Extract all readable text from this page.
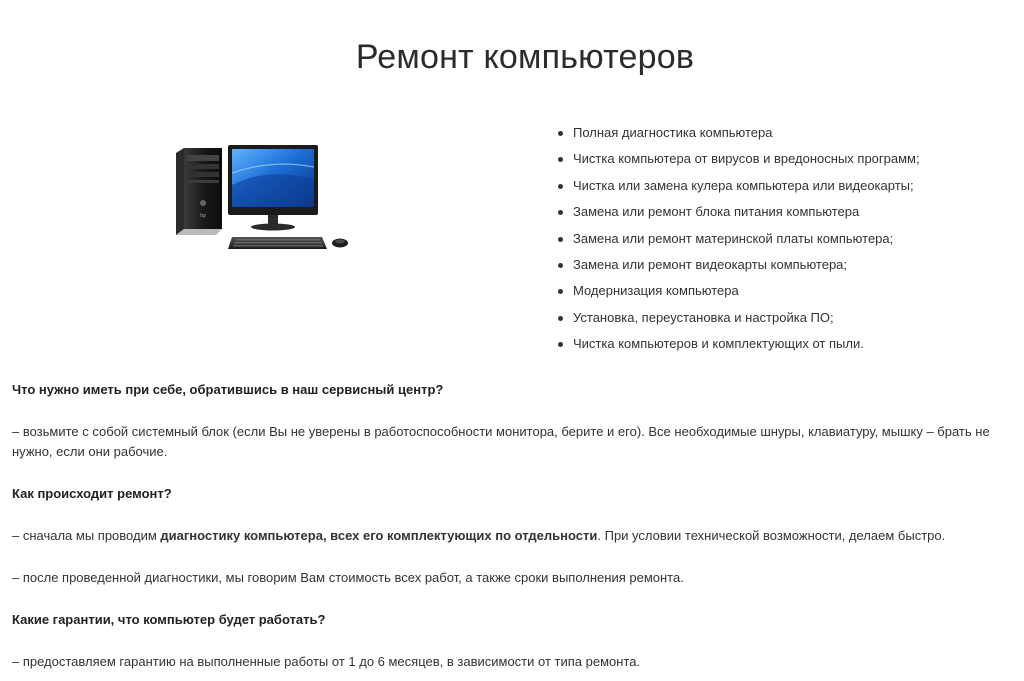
Ремонт компьютеров
hp
Полная диагностика компьютера
Чистка компьютера от вирусов и вредоносных программ;
Чистка или замена кулера компьютера или видеокарты;
Замена или ремонт блока питания компьютера
Замена или ремонт материнской платы компьютера;
Замена или ремонт видеокарты компьютера;
Модернизация компьютера
Установка, переустановка и настройка ПО;
Чистка компьютеров и комплектующих от пыли.

Что нужно иметь при себе, обратившись в наш сервисный центр?

– возьмите с собой системный блок (если Вы не уверены в работоспособности монитора, берите и его). Все необходимые шнуры, клавиатуру, мышку – брать не нужно, если они рабочие.

Как происходит ремонт?

– сначала мы проводим диагностику компьютера, всех его комплектующих по отдельности. При условии технической возможности, делаем быстро.

– после проведенной диагностики, мы говорим Вам стоимость всех работ, а также сроки выполнения ремонта.

Какие гарантии, что компьютер будет работать?

– предоставляем гарантию на выполненные работы от 1 до 6 месяцев, в зависимости от типа ремонта.
